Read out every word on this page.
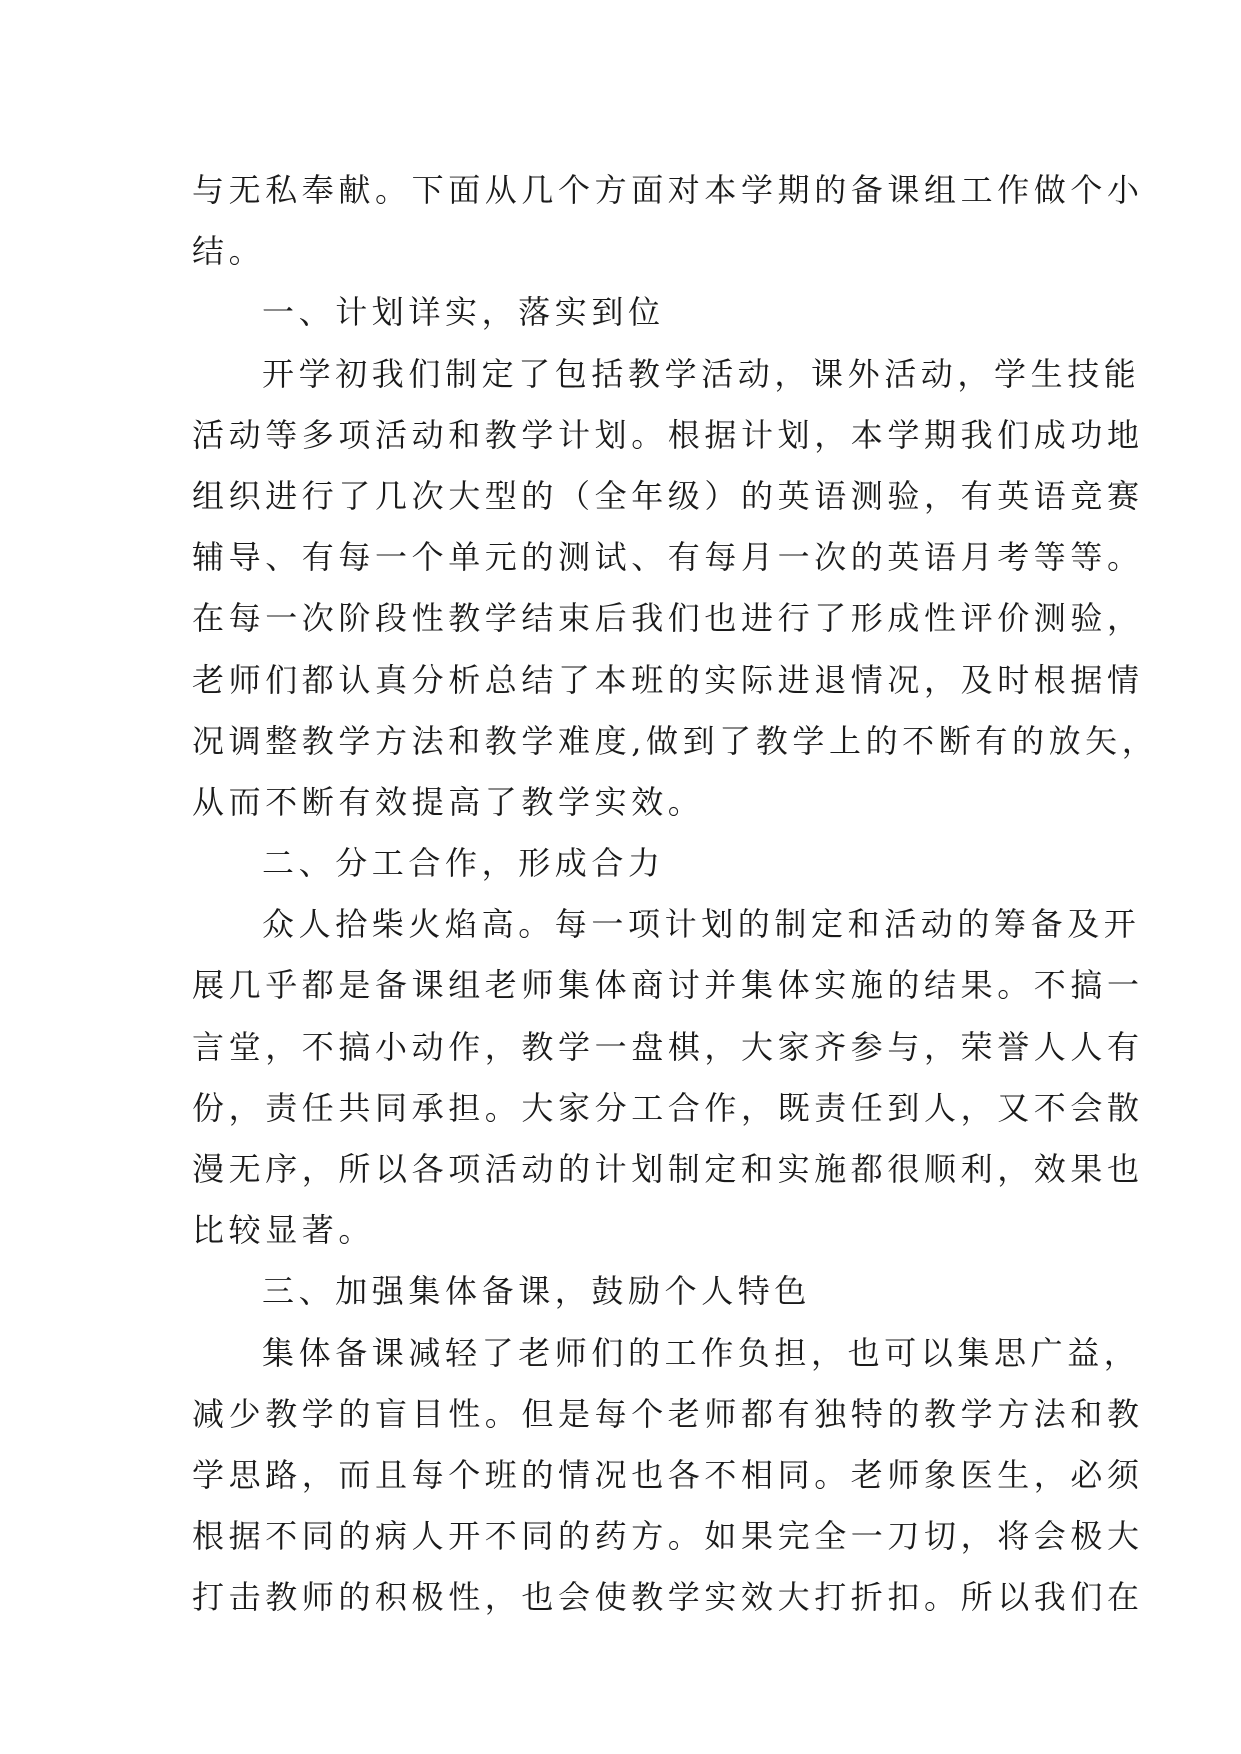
与无私奉献。下面从几个方面对本学期的备课组工作做个小
结。
一、计划详实，落实到位
开学初我们制定了包括教学活动，课外活动，学生技能
活动等多项活动和教学计划。根据计划，本学期我们成功地
组织进行了几次大型的（全年级）的英语测验，有英语竞赛
辅导、有每一个单元的测试、有每月一次的英语月考等等。
在每一次阶段性教学结束后我们也进行了形成性评价测验，
老师们都认真分析总结了本班的实际进退情况，及时根据情
况调整教学方法和教学难度,做到了教学上的不断有的放矢，
从而不断有效提高了教学实效。
二、分工合作，形成合力
众人拾柴火焰高。每一项计划的制定和活动的筹备及开
展几乎都是备课组老师集体商讨并集体实施的结果。不搞一
言堂，不搞小动作，教学一盘棋，大家齐参与，荣誉人人有
份，责任共同承担。大家分工合作，既责任到人，又不会散
漫无序，所以各项活动的计划制定和实施都很顺利，效果也
比较显著。
三、加强集体备课，鼓励个人特色
集体备课减轻了老师们的工作负担，也可以集思广益，
减少教学的盲目性。但是每个老师都有独特的教学方法和教
学思路，而且每个班的情况也各不相同。老师象医生，必须
根据不同的病人开不同的药方。如果完全一刀切，将会极大
打击教师的积极性，也会使教学实效大打折扣。所以我们在
